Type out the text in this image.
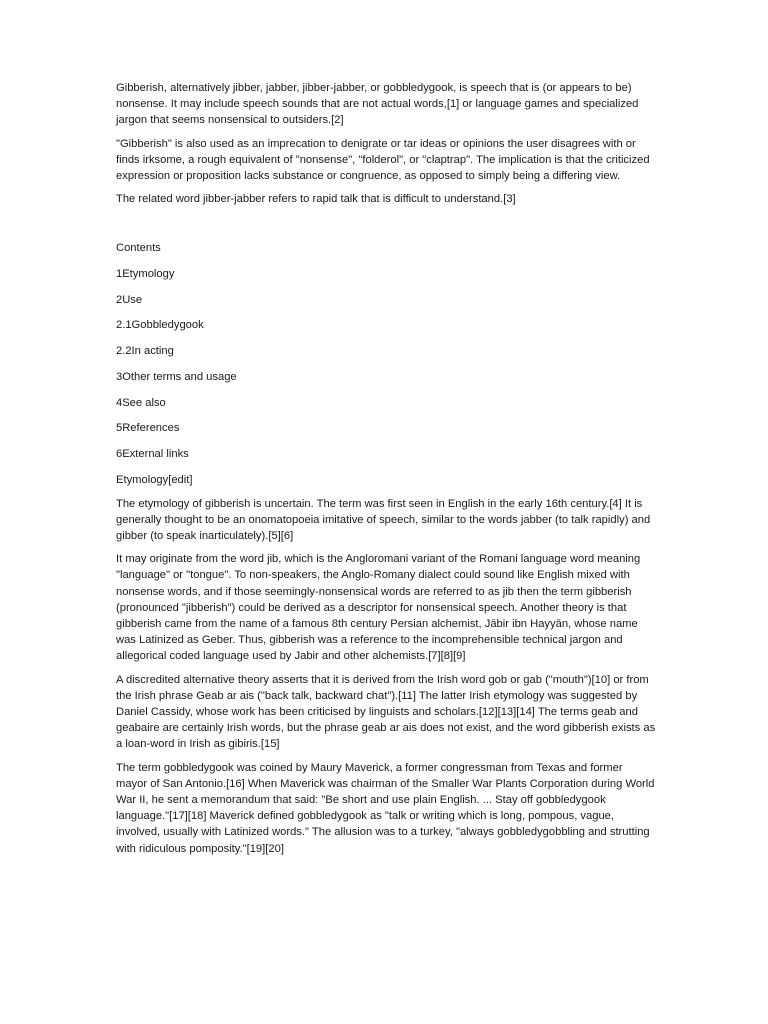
Gibberish, alternatively jibber, jabber, jibber-jabber, or gobbledygook, is speech that is (or appears to be) nonsense. It may include speech sounds that are not actual words,[1] or language games and specialized jargon that seems nonsensical to outsiders.[2]

"Gibberish" is also used as an imprecation to denigrate or tar ideas or opinions the user disagrees with or finds irksome, a rough equivalent of "nonsense", "folderol", or "claptrap". The implication is that the criticized expression or proposition lacks substance or congruence, as opposed to simply being a differing view.

The related word jibber-jabber refers to rapid talk that is difficult to understand.[3]

Contents
1Etymology
2Use
2.1Gobbledygook
2.2In acting
3Other terms and usage
4See also
5References
6External links
Etymology[edit]

The etymology of gibberish is uncertain. The term was first seen in English in the early 16th century.[4] It is generally thought to be an onomatopoeia imitative of speech, similar to the words jabber (to talk rapidly) and gibber (to speak inarticulately).[5][6]

It may originate from the word jib, which is the Angloromani variant of the Romani language word meaning "language" or "tongue". To non-speakers, the Anglo-Romany dialect could sound like English mixed with nonsense words, and if those seemingly-nonsensical words are referred to as jib then the term gibberish (pronounced "jibberish") could be derived as a descriptor for nonsensical speech. Another theory is that gibberish came from the name of a famous 8th century Persian alchemist, Jābir ibn Hayyān, whose name was Latinized as Geber. Thus, gibberish was a reference to the incomprehensible technical jargon and allegorical coded language used by Jabir and other alchemists.[7][8][9]

A discredited alternative theory asserts that it is derived from the Irish word gob or gab ("mouth")[10] or from the Irish phrase Geab ar ais ("back talk, backward chat").[11] The latter Irish etymology was suggested by Daniel Cassidy, whose work has been criticised by linguists and scholars.[12][13][14] The terms geab and geabaire are certainly Irish words, but the phrase geab ar ais does not exist, and the word gibberish exists as a loan-word in Irish as gibiris.[15]

The term gobbledygook was coined by Maury Maverick, a former congressman from Texas and former mayor of San Antonio.[16] When Maverick was chairman of the Smaller War Plants Corporation during World War II, he sent a memorandum that said: "Be short and use plain English. ... Stay off gobbledygook language."[17][18] Maverick defined gobbledygook as "talk or writing which is long, pompous, vague, involved, usually with Latinized words." The allusion was to a turkey, "always gobbledygobbling and strutting with ridiculous pomposity."[19][20]
